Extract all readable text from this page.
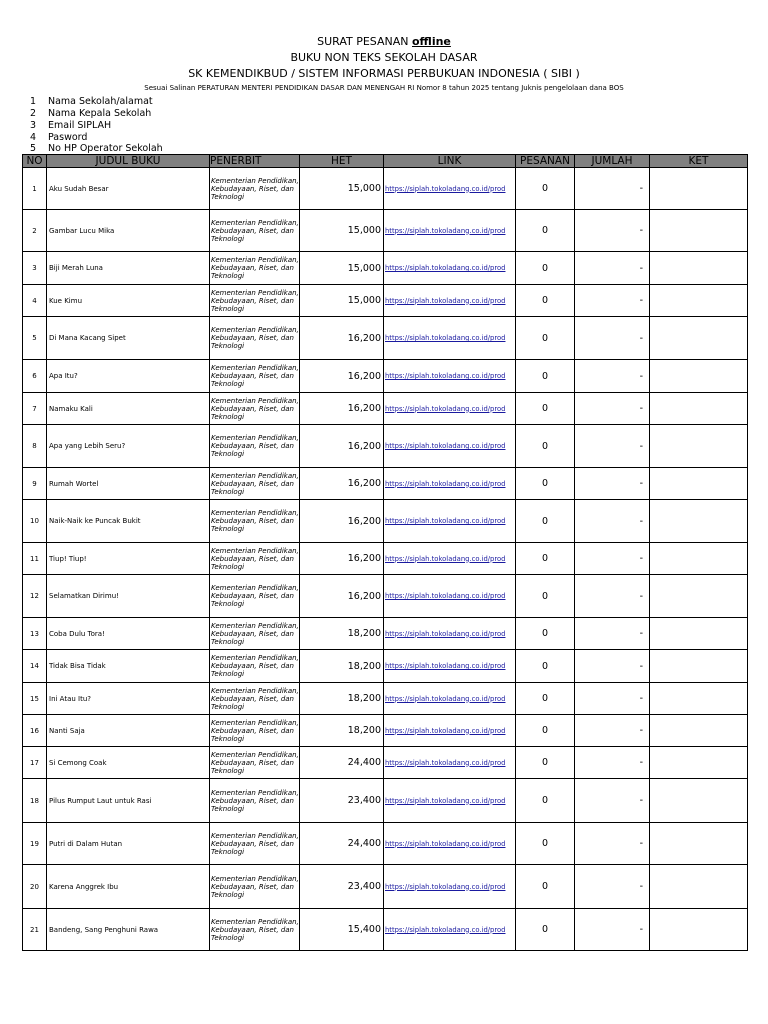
SURAT PESANAN offline
BUKU NON TEKS SEKOLAH DASAR
SK KEMENDIKBUD / SISTEM INFORMASI PERBUKUAN INDONESIA ( SIBI )
Sesuai Salinan PERATURAN MENTERI PENDIDIKAN DASAR DAN MENENGAH RI Nomor 8 tahun 2025 tentang Juknis pengelolaan dana BOS
1 Nama Sekolah/alamat
2 Nama Kepala Sekolah
3 Email SIPLAH
4 Pasword
5 No HP Operator Sekolah
NO	JUDUL BUKU	PENERBIT	HET	LINK	PESANAN	JUMLAH	KET
1	Aku Sudah Besar	Kementerian Pendidikan, Kebudayaan, Riset, dan Teknologi	15,000	https://siplah.tokoladang.co.id/prod	0	-	
2	Gambar Lucu Mika	Kementerian Pendidikan, Kebudayaan, Riset, dan Teknologi	15,000	https://siplah.tokoladang.co.id/prod	0	-	
3	Biji Merah Luna	Kementerian Pendidikan, Kebudayaan, Riset, dan Teknologi	15,000	https://siplah.tokoladang.co.id/prod	0	-	
4	Kue Kimu	Kementerian Pendidikan, Kebudayaan, Riset, dan Teknologi	15,000	https://siplah.tokoladang.co.id/prod	0	-	
5	Di Mana Kacang Sipet	Kementerian Pendidikan, Kebudayaan, Riset, dan Teknologi	16,200	https://siplah.tokoladang.co.id/prod	0	-	
6	Apa Itu?	Kementerian Pendidikan, Kebudayaan, Riset, dan Teknologi	16,200	https://siplah.tokoladang.co.id/prod	0	-	
7	Namaku Kali	Kementerian Pendidikan, Kebudayaan, Riset, dan Teknologi	16,200	https://siplah.tokoladang.co.id/prod	0	-	
8	Apa yang Lebih Seru?	Kementerian Pendidikan, Kebudayaan, Riset, dan Teknologi	16,200	https://siplah.tokoladang.co.id/prod	0	-	
9	Rumah Wortel	Kementerian Pendidikan, Kebudayaan, Riset, dan Teknologi	16,200	https://siplah.tokoladang.co.id/prod	0	-	
10	Naik-Naik ke Puncak Bukit	Kementerian Pendidikan, Kebudayaan, Riset, dan Teknologi	16,200	https://siplah.tokoladang.co.id/prod	0	-	
11	Tiup! Tiup!	Kementerian Pendidikan, Kebudayaan, Riset, dan Teknologi	16,200	https://siplah.tokoladang.co.id/prod	0	-	
12	Selamatkan Dirimu!	Kementerian Pendidikan, Kebudayaan, Riset, dan Teknologi	16,200	https://siplah.tokoladang.co.id/prod	0	-	
13	Coba Dulu Tora!	Kementerian Pendidikan, Kebudayaan, Riset, dan Teknologi	18,200	https://siplah.tokoladang.co.id/prod	0	-	
14	Tidak Bisa Tidak	Kementerian Pendidikan, Kebudayaan, Riset, dan Teknologi	18,200	https://siplah.tokoladang.co.id/prod	0	-	
15	Ini Atau Itu?	Kementerian Pendidikan, Kebudayaan, Riset, dan Teknologi	18,200	https://siplah.tokoladang.co.id/prod	0	-	
16	Nanti Saja	Kementerian Pendidikan, Kebudayaan, Riset, dan Teknologi	18,200	https://siplah.tokoladang.co.id/prod	0	-	
17	Si Cemong Coak	Kementerian Pendidikan, Kebudayaan, Riset, dan Teknologi	24,400	https://siplah.tokoladang.co.id/prod	0	-	
18	Pilus Rumput Laut untuk Rasi	Kementerian Pendidikan, Kebudayaan, Riset, dan Teknologi	23,400	https://siplah.tokoladang.co.id/prod	0	-	
19	Putri di Dalam Hutan	Kementerian Pendidikan, Kebudayaan, Riset, dan Teknologi	24,400	https://siplah.tokoladang.co.id/prod	0	-	
20	Karena Anggrek Ibu	Kementerian Pendidikan, Kebudayaan, Riset, dan Teknologi	23,400	https://siplah.tokoladang.co.id/prod	0	-	
21	Bandeng, Sang Penghuni Rawa	Kementerian Pendidikan, Kebudayaan, Riset, dan Teknologi	15,400	https://siplah.tokoladang.co.id/prod	0	-	
